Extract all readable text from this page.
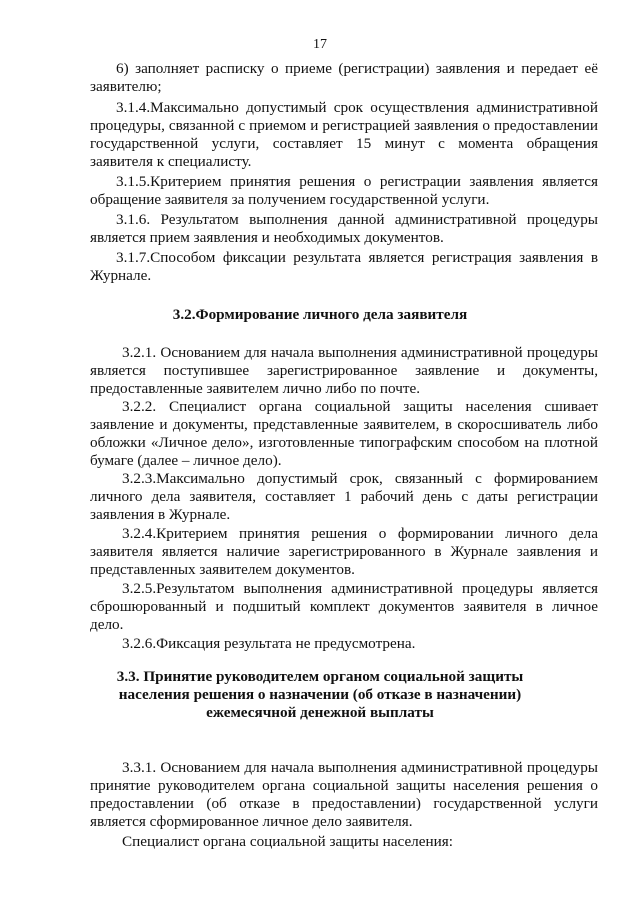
17
6) заполняет расписку о приеме (регистрации) заявления и передает её
заявителю;
3.1.4.Максимально допустимый срок осуществления административной
процедуры, связанной с приемом и регистрацией заявления о предоставлении
государственной услуги, составляет 15 минут с момента обращения
заявителя к специалисту.
3.1.5.Критерием принятия решения о регистрации заявления является
обращение заявителя за получением государственной услуги.
3.1.6. Результатом выполнения данной административной процедуры
является прием заявления и необходимых документов.
3.1.7.Способом фиксации результата является регистрация заявления в
Журнале.
3.2.Формирование личного дела заявителя
3.2.1. Основанием для начала выполнения административной процедуры
является поступившее зарегистрированное заявление и документы,
предоставленные заявителем лично либо по почте.
3.2.2. Специалист органа социальной защиты населения сшивает
заявление и документы, представленные заявителем, в скоросшиватель либо
обложки «Личное дело», изготовленные типографским способом на плотной
бумаге (далее – личное дело).
3.2.3.Максимально допустимый срок, связанный с формированием
личного дела заявителя, составляет 1 рабочий день с даты регистрации
заявления в Журнале.
3.2.4.Критерием принятия решения о формировании личного дела
заявителя является наличие зарегистрированного в Журнале заявления и
представленных заявителем документов.
3.2.5.Результатом выполнения административной процедуры является
сброшюрованный и подшитый комплект документов заявителя в личное
дело.
3.2.6.Фиксация результата не предусмотрена.
3.3. Принятие руководителем органом социальной защиты
населения решения о назначении (об отказе в назначении)
ежемесячной денежной выплаты
3.3.1. Основанием для начала выполнения административной процедуры
принятие руководителем органа социальной защиты населения решения о
предоставлении (об отказе в предоставлении) государственной услуги
является сформированное личное дело заявителя.
Специалист органа социальной защиты населения:
